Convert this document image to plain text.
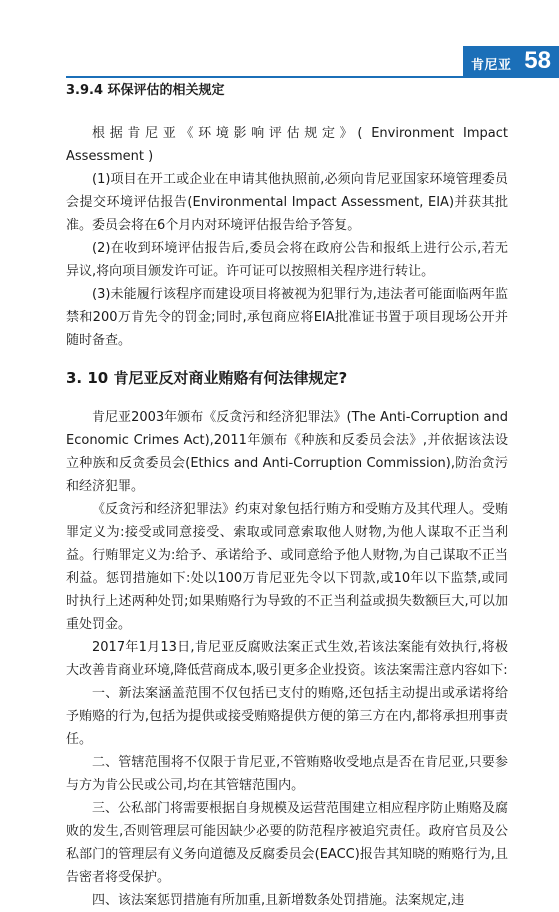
肯尼亚 58
3.9.4 环保评估的相关规定

根据肯尼亚《环境影响评估规定》( Environment Impact Assessment )

(1)项目在开工或企业在申请其他执照前,必须向肯尼亚国家环境管理委员会提交环境评估报告(Environmental Impact Assessment, EIA)并获其批准。委员会将在6个月内对环境评估报告给予答复。

(2)在收到环境评估报告后,委员会将在政府公告和报纸上进行公示,若无异议,将向项目颁发许可证。许可证可以按照相关程序进行转让。

(3)未能履行该程序而建设项目将被视为犯罪行为,违法者可能面临两年监禁和200万肯先令的罚金;同时,承包商应将EIA批准证书置于项目现场公开并随时备查。

3. 10 肯尼亚反对商业贿赂有何法律规定?

肯尼亚2003年颁布《反贪污和经济犯罪法》(The Anti-Corruption and Economic Crimes Act),2011年颁布《种族和反委员会法》,并依据该法设立种族和反贪委员会(Ethics and Anti-Corruption Commission),防治贪污和经济犯罪。

《反贪污和经济犯罪法》约束对象包括行贿方和受贿方及其代理人。受贿罪定义为:接受或同意接受、索取或同意索取他人财物,为他人谋取不正当利益。行贿罪定义为:给予、承诺给予、或同意给予他人财物,为自己谋取不正当利益。惩罚措施如下:处以100万肯尼亚先令以下罚款,或10年以下监禁,或同时执行上述两种处罚;如果贿赂行为导致的不正当利益或损失数额巨大,可以加重处罚金。

2017年1月13日,肯尼亚反腐败法案正式生效,若该法案能有效执行,将极大改善肯商业环境,降低营商成本,吸引更多企业投资。该法案需注意内容如下:

一、新法案涵盖范围不仅包括已支付的贿赂,还包括主动提出或承诺将给予贿赂的行为,包括为提供或接受贿赂提供方便的第三方在内,都将承担刑事责任。

二、管辖范围将不仅限于肯尼亚,不管贿赂收受地点是否在肯尼亚,只要参与方为肯公民或公司,均在其管辖范围内。

三、公私部门将需要根据自身规模及运营范围建立相应程序防止贿赂及腐败的发生,否则管理层可能因缺少必要的防范程序被追究责任。政府官员及公私部门的管理层有义务向道德及反腐委员会(EACC)报告其知晓的贿赂行为,且告密者将受保护。

四、该法案惩罚措施有所加重,且新增数条处罚措施。法案规定,违
